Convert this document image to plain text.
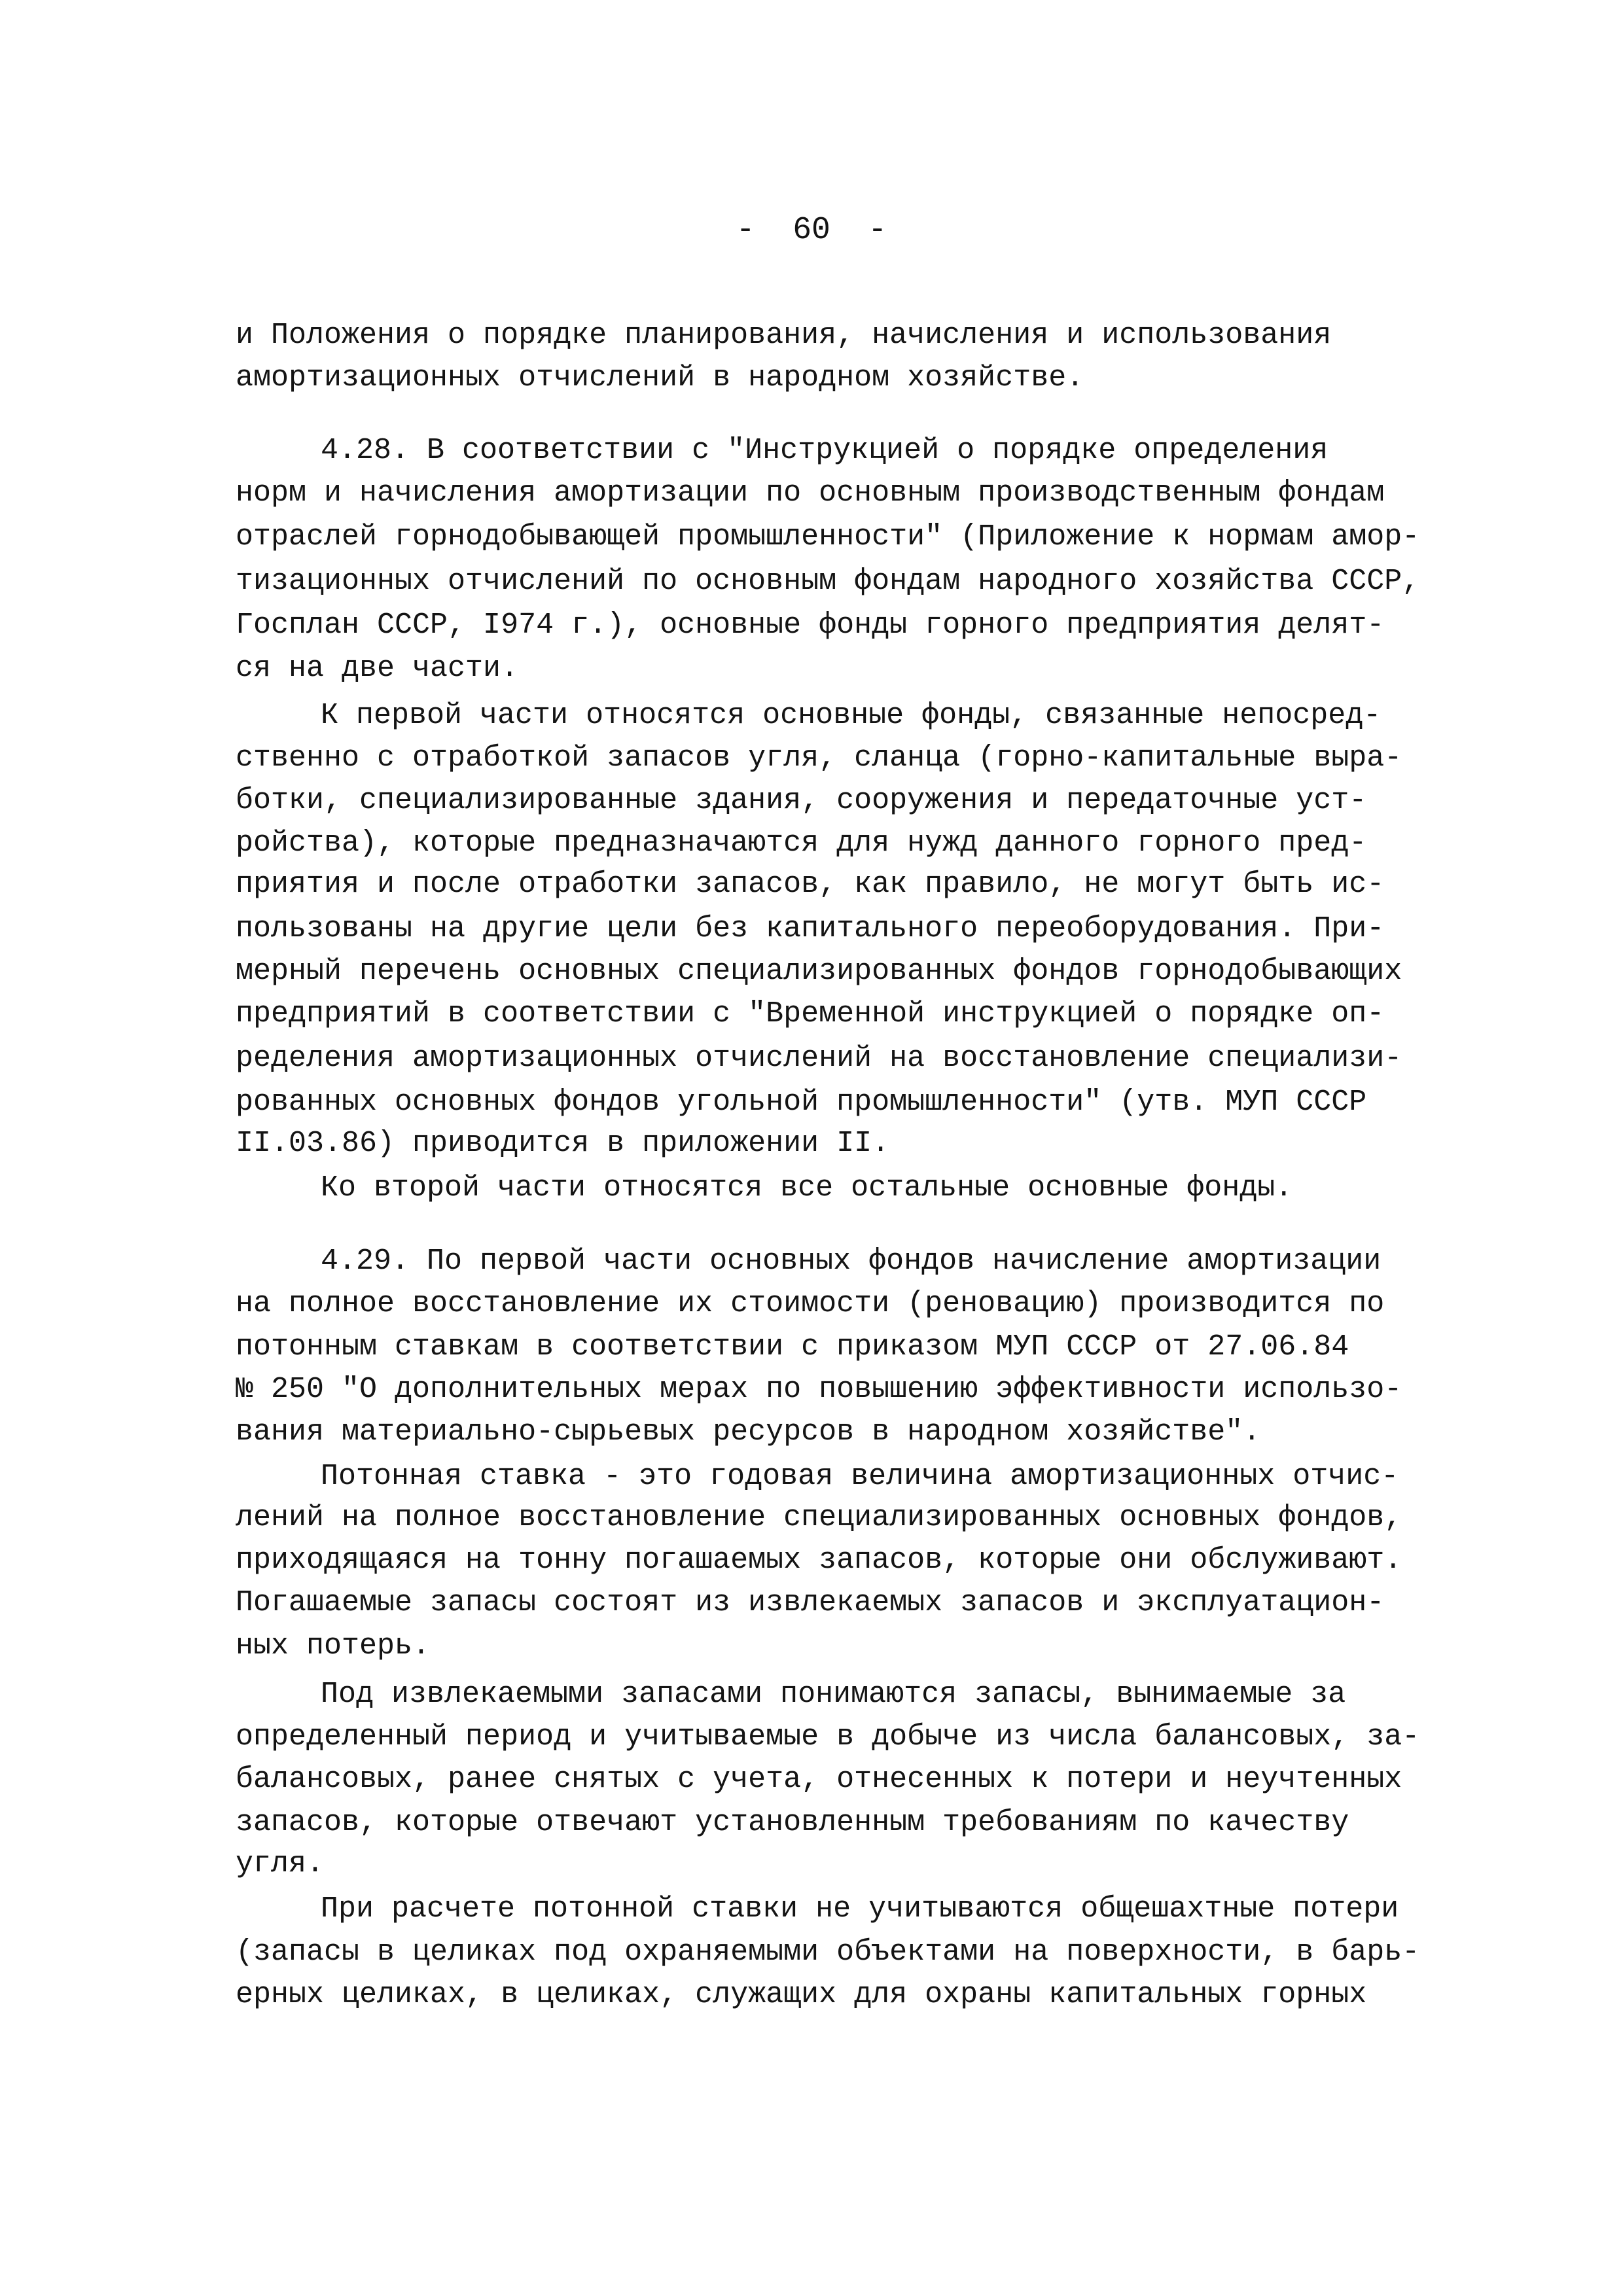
-  60  -
и Положения о порядке планирования, начисления и использования
амортизационных отчислений в народном хозяйстве.
4.28. В соответствии с "Инструкцией о порядке определения
норм и начисления амортизации по основным производственным фондам
отраслей горнодобывающей промышленности" (Приложение к нормам амор-
тизационных отчислений по основным фондам народного хозяйства СССР,
Госплан СССР, I974 г.), основные фонды горного предприятия делят-
ся на две части.
К первой части относятся основные фонды, связанные непосред-
ственно с отработкой запасов угля, сланца (горно-капитальные выра-
ботки, специализированные здания, сооружения и передаточные уст-
ройства), которые предназначаются для нужд данного горного пред-
приятия и после отработки запасов, как правило, не могут быть ис-
пользованы на другие цели без капитального переоборудования. При-
мерный перечень основных специализированных фондов горнодобывающих
предприятий в соответствии с "Временной инструкцией о порядке оп-
ределения амортизационных отчислений на восстановление специализи-
рованных основных фондов угольной промышленности" (утв. МУП СССР
II.03.86) приводится в приложении II.
Ко второй части относятся все остальные основные фонды.
4.29. По первой части основных фондов начисление амортизации
на полное восстановление их стоимости (реновацию) производится по
потонным ставкам в соответствии с приказом МУП СССР от 27.06.84
№ 250 "О дополнительных мерах по повышению эффективности использо-
вания материально-сырьевых ресурсов в народном хозяйстве".
Потонная ставка - это годовая величина амортизационных отчис-
лений на полное восстановление специализированных основных фондов,
приходящаяся на тонну погашаемых запасов, которые они обслуживают.
Погашаемые запасы состоят из извлекаемых запасов и эксплуатацион-
ных потерь.
Под извлекаемыми запасами понимаются запасы, вынимаемые за
определенный период и учитываемые в добыче из числа балансовых, за-
балансовых, ранее снятых с учета, отнесенных к потери и неучтенных
запасов, которые отвечают установленным требованиям по качеству
угля.
При расчете потонной ставки не учитываются общешахтные потери
(запасы в целиках под охраняемыми объектами на поверхности, в барь-
ерных целиках, в целиках, служащих для охраны капитальных горных
